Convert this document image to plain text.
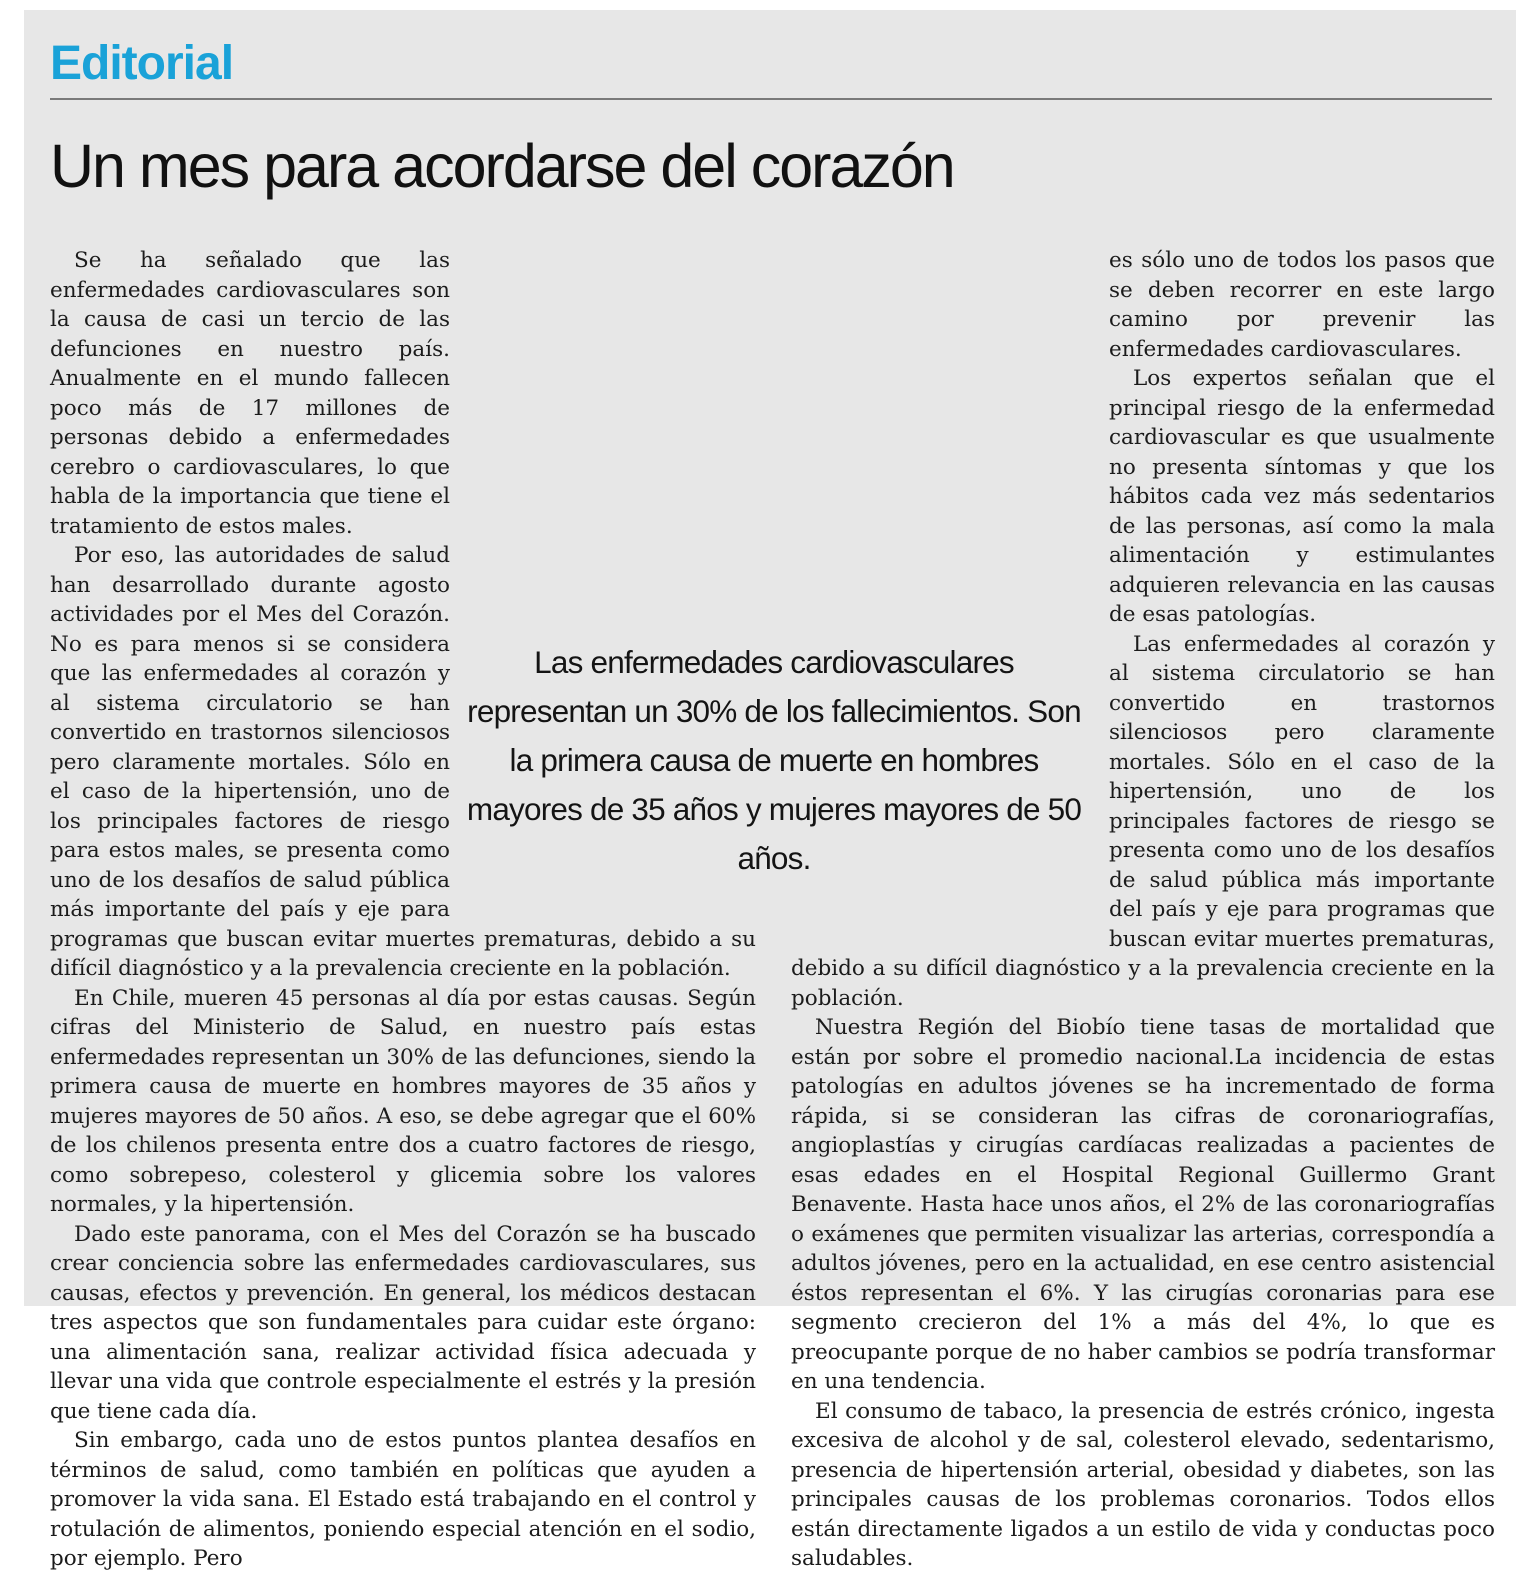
Editorial
Un mes para acordarse del corazón

Se ha señalado que las enfermedades cardiovasculares son la causa de casi un tercio de las defunciones en nuestro país. Anualmente en el mundo fallecen poco más de 17 millones de personas debido a enfermedades cerebro o cardiovasculares, lo que habla de la importancia que tiene el tratamiento de estos males.

Por eso, las autoridades de salud han desarrollado durante agosto actividades por el Mes del Corazón. No es para menos si se considera que las enfermedades al corazón y al sistema circulatorio se han convertido en trastornos silenciosos pero claramente mortales. Sólo en el caso de la hipertensión, uno de los principales factores de riesgo para estos males, se presenta como uno de los desafíos de salud pública más importante del país y eje para programas que buscan evitar muertes prematuras, debido a su difícil diagnóstico y a la prevalencia creciente en la población.

En Chile, mueren 45 personas al día por estas causas. Según cifras del Ministerio de Salud, en nuestro país estas enfermedades representan un 30% de las defunciones, siendo la primera causa de muerte en hombres mayores de 35 años y mujeres mayores de 50 años. A eso, se debe agregar que el 60% de los chilenos presenta entre dos a cuatro factores de riesgo, como sobrepeso, colesterol y glicemia sobre los valores normales, y la hipertensión.

Dado este panorama, con el Mes del Corazón se ha buscado crear conciencia sobre las enfermedades cardiovasculares, sus causas, efectos y prevención. En general, los médicos destacan tres aspectos que son fundamentales para cuidar este órgano: una alimentación sana, realizar actividad física adecuada y llevar una vida que controle especialmente el estrés y la presión que tiene cada día.

Sin embargo, cada uno de estos puntos plantea desafíos en términos de salud, como también en políticas que ayuden a promover la vida sana. El Estado está trabajando en el control y rotulación de alimentos, poniendo especial atención en el sodio, por ejemplo. Pero

es sólo uno de todos los pasos que se deben recorrer en este largo camino por prevenir las enfermedades cardiovasculares.

Los expertos señalan que el principal riesgo de la enfermedad cardiovascular es que usualmente no presenta síntomas y que los hábitos cada vez más sedentarios de las personas, así como la mala alimentación y estimulantes adquieren relevancia en las causas de esas patologías.

Las enfermedades al corazón y al sistema circulatorio se han convertido en trastornos silenciosos pero claramente mortales. Sólo en el caso de la hipertensión, uno de los principales factores de riesgo se presenta como uno de los desafíos de salud pública más importante del país y eje para programas que buscan evitar muertes prematuras, debido a su difícil diagnóstico y a la prevalencia creciente en la población.

Nuestra Región del Biobío tiene tasas de mortalidad que están por sobre el promedio nacional.La incidencia de estas patologías en adultos jóvenes se ha incrementado de forma rápida, si se consideran las cifras de coronariografías, angioplastías y cirugías cardíacas realizadas a pacientes de esas edades en el Hospital Regional Guillermo Grant Benavente. Hasta hace unos años, el 2% de las coronariografías o exámenes que permiten visualizar las arterias, correspondía a adultos jóvenes, pero en la actualidad, en ese centro asistencial éstos representan el 6%. Y las cirugías coronarias para ese segmento crecieron del 1% a más del 4%, lo que es preocupante porque de no haber cambios se podría transformar en una tendencia.

El consumo de tabaco, la presencia de estrés crónico, ingesta excesiva de alcohol y de sal, colesterol elevado, sedentarismo, presencia de hipertensión arterial, obesidad y diabetes, son las principales causas de los problemas coronarios. Todos ellos están directamente ligados a un estilo de vida y conductas poco saludables.

Las enfermedades cardiovasculares representan un 30% de los fallecimientos. Son la primera causa de muerte en hombres mayores de 35 años y mujeres mayores de 50 años.
